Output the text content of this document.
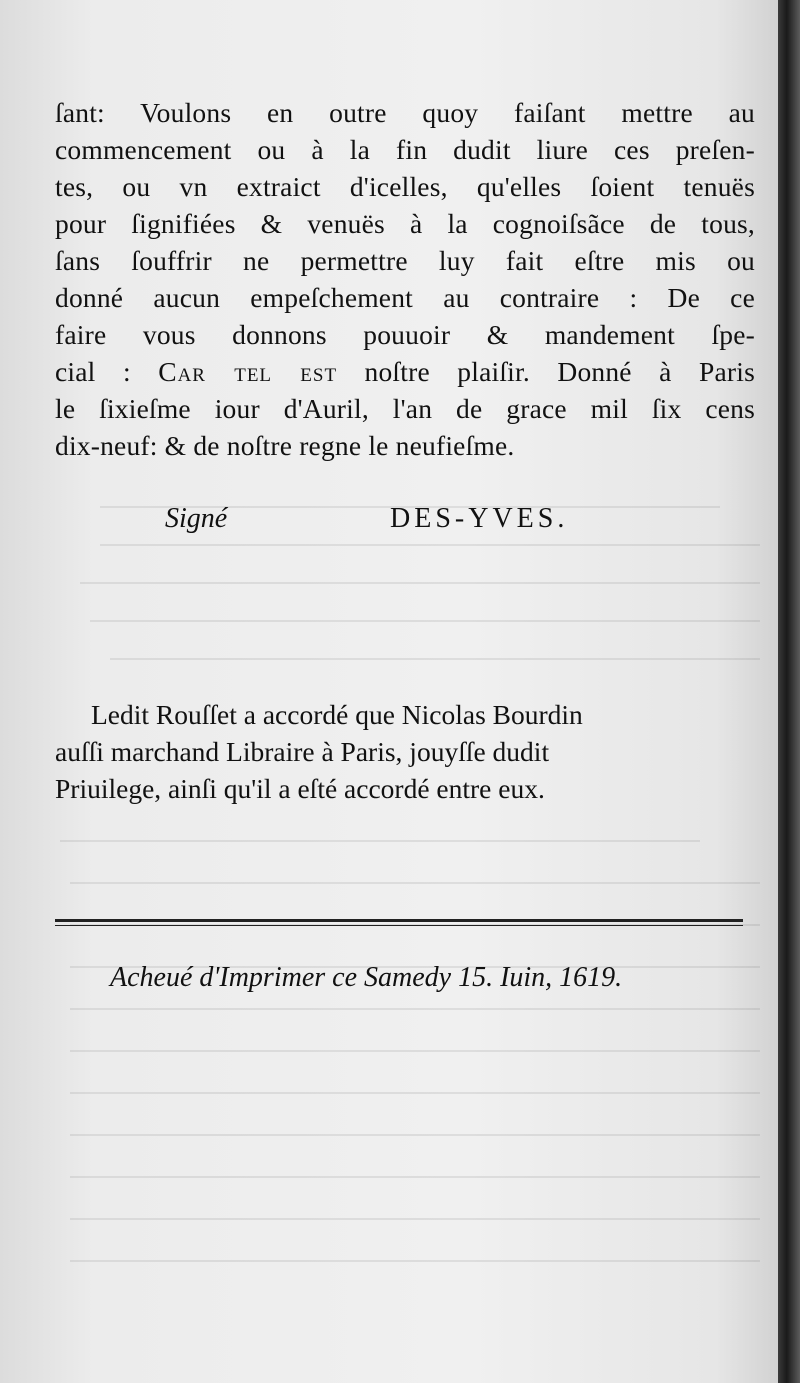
ſant: Voulons en outre quoy faiſant mettre au
commencement ou à la fin dudit liure ces preſen-
tes, ou vn extraict d'icelles, qu'elles ſoient tenuës
pour ſignifiées & venuës à la cognoiſsãce de tous,
ſans ſouffrir ne permettre luy fait eſtre mis ou
donné aucun empeſchement au contraire : De ce
faire vous donnons pouuoir & mandement ſpe-
cial : Car tel est noſtre plaiſir. Donné à Paris
le ſixieſme iour d'Auril, l'an de grace mil ſix cens
dix-neuf: & de noſtre regne le neufieſme.
Signé	DES-YVES.
Ledit Rouſſet a accordé que Nicolas Bourdin
auſſi marchand Libraire à Paris, jouyſſe dudit
Priuilege, ainſi qu'il a eſté accordé entre eux.
Acheué d'Imprimer ce Samedy 15. Iuin, 1619.
